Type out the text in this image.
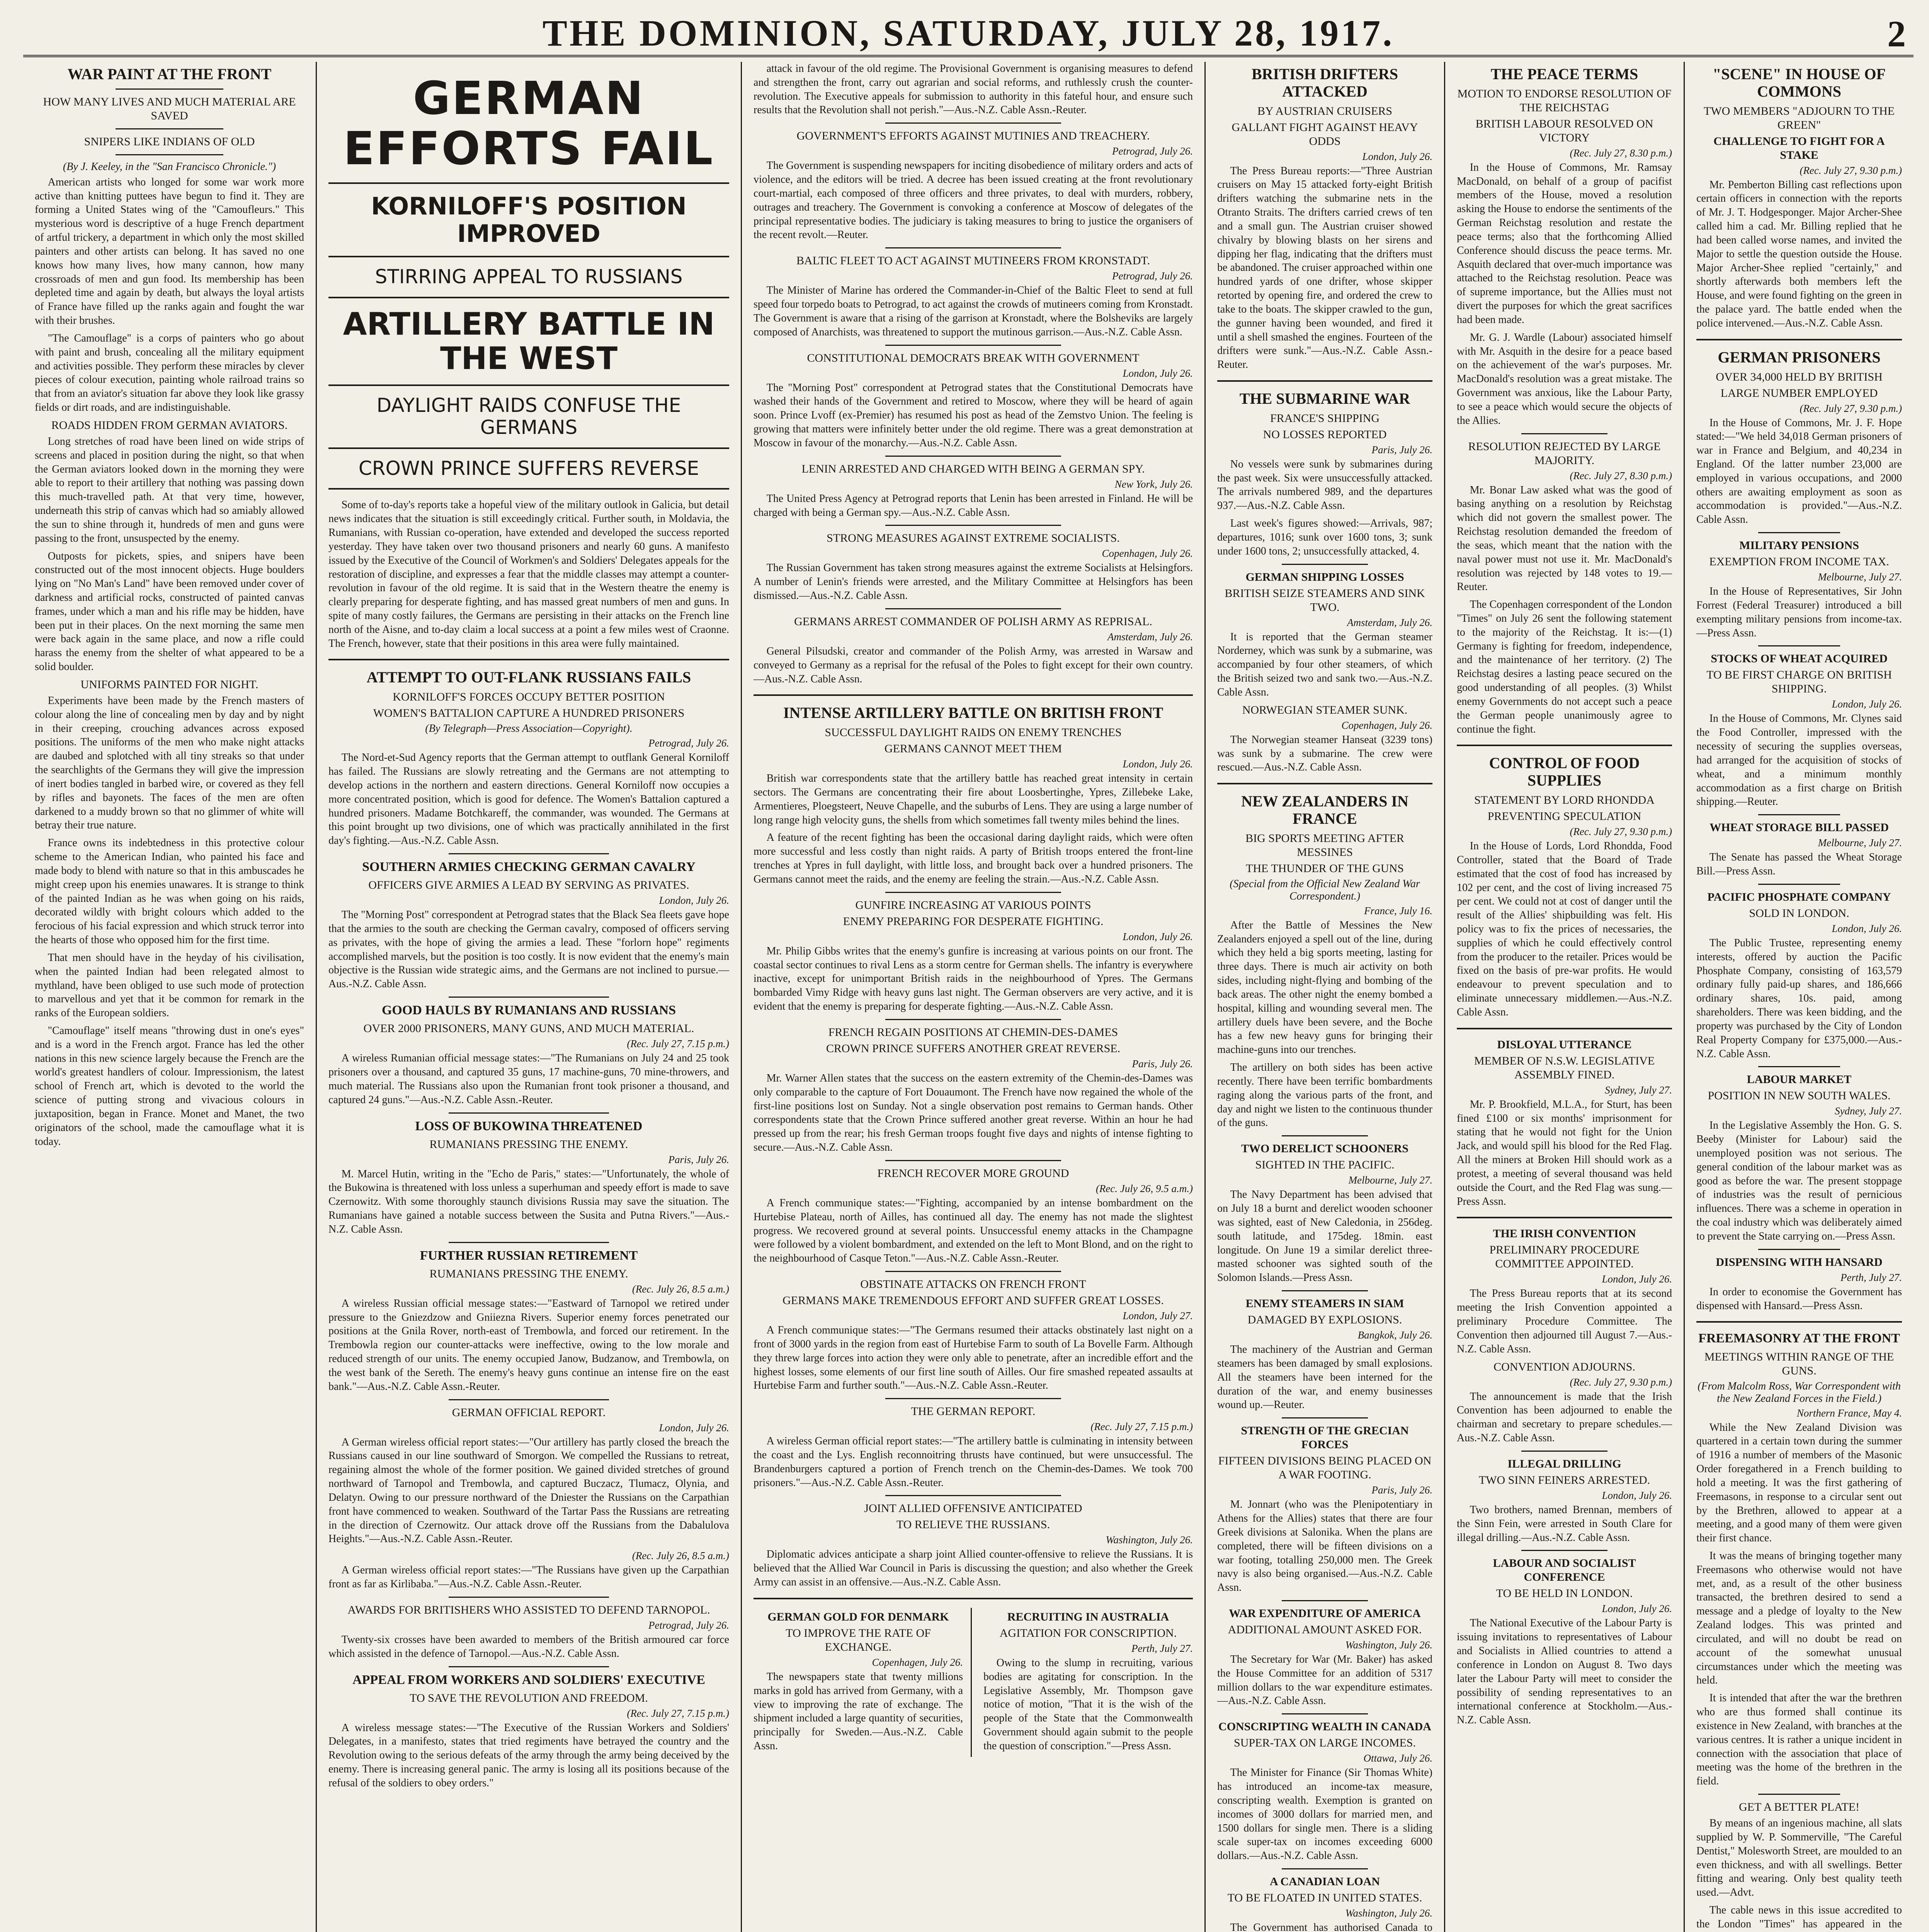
THE DOMINION, SATURDAY, JULY 28, 1917.	2
WAR PAINT AT THE FRONT
HOW MANY LIVES AND MUCH MATERIAL ARE SAVED
SNIPERS LIKE INDIANS OF OLD
(By J. Keeley, in the "San Francisco Chronicle.")

American artists who longed for some war work more active than knitting puttees have begun to find it. They are forming a United States wing of the "Camoufleurs." This mysterious word is descriptive of a huge French department of artful trickery, a department in which only the most skilled painters and other artists can belong. It has saved no one knows how many lives, how many cannon, how many crossroads of men and gun food. Its membership has been depleted time and again by death, but always the loyal artists of France have filled up the ranks again and fought the war with their brushes.

"The Camouflage" is a corps of painters who go about with paint and brush, concealing all the military equipment and activities possible. They perform these miracles by clever pieces of colour execution, painting whole railroad trains so that from an aviator's situation far above they look like grassy fields or dirt roads, and are indistinguishable.

ROADS HIDDEN FROM GERMAN AVIATORS.

Long stretches of road have been lined on wide strips of screens and placed in position during the night, so that when the German aviators looked down in the morning they were able to report to their artillery that nothing was passing down this much-travelled path. At that very time, however, underneath this strip of canvas which had so amiably allowed the sun to shine through it, hundreds of men and guns were passing to the front, unsuspected by the enemy.

Outposts for pickets, spies, and snipers have been constructed out of the most innocent objects. Huge boulders lying on "No Man's Land" have been removed under cover of darkness and artificial rocks, constructed of painted canvas frames, under which a man and his rifle may be hidden, have been put in their places. On the next morning the same men were back again in the same place, and now a rifle could harass the enemy from the shelter of what appeared to be a solid boulder.

UNIFORMS PAINTED FOR NIGHT.

Experiments have been made by the French masters of colour along the line of concealing men by day and by night in their creeping, crouching advances across exposed positions. The uniforms of the men who make night attacks are daubed and splotched with all tiny streaks so that under the searchlights of the Germans they will give the impression of inert bodies tangled in barbed wire, or covered as they fell by rifles and bayonets. The faces of the men are often darkened to a muddy brown so that no glimmer of white will betray their true nature.

France owns its indebtedness in this protective colour scheme to the American Indian, who painted his face and made body to blend with nature so that in this ambuscades he might creep upon his enemies unawares. It is strange to think of the painted Indian as he was when going on his raids, decorated wildly with bright colours which added to the ferocious of his facial expression and which struck terror into the hearts of those who opposed him for the first time.

That men should have in the heyday of his civilisation, when the painted Indian had been relegated almost to mythland, have been obliged to use such mode of protection to marvellous and yet that it be common for remark in the ranks of the European soldiers.

"Camouflage" itself means "throwing dust in one's eyes" and is a word in the French argot. France has led the other nations in this new science largely because the French are the world's greatest handlers of colour. Impressionism, the latest school of French art, which is devoted to the world the science of putting strong and vivacious colours in juxtaposition, began in France. Monet and Manet, the two originators of the school, made the camouflage what it is today.

GERMAN EFFORTS FAIL
KORNILOFF'S POSITION IMPROVED
STIRRING APPEAL TO RUSSIANS
ARTILLERY BATTLE IN THE WEST
DAYLIGHT RAIDS CONFUSE THE GERMANS
CROWN PRINCE SUFFERS REVERSE

Some of to-day's reports take a hopeful view of the military outlook in Galicia, but detail news indicates that the situation is still exceedingly critical. Further south, in Moldavia, the Rumanians, with Russian co-operation, have extended and developed the success reported yesterday. They have taken over two thousand prisoners and nearly 60 guns. A manifesto issued by the Executive of the Council of Workmen's and Soldiers' Delegates appeals for the restoration of discipline, and expresses a fear that the middle classes may attempt a counter-revolution in favour of the old regime. It is said that in the Western theatre the enemy is clearly preparing for desperate fighting, and has massed great numbers of men and guns. In spite of many costly failures, the Germans are persisting in their attacks on the French line north of the Aisne, and to-day claim a local success at a point a few miles west of Craonne. The French, however, state that their positions in this area were fully maintained.

ATTEMPT TO OUT-FLANK RUSSIANS FAILS
KORNILOFF'S FORCES OCCUPY BETTER POSITION
WOMEN'S BATTALION CAPTURE A HUNDRED PRISONERS
(By Telegraph—Press Association—Copyright).
Petrograd, July 26.

The Nord-et-Sud Agency reports that the German attempt to outflank General Korniloff has failed. The Russians are slowly retreating and the Germans are not attempting to develop actions in the northern and eastern directions. General Korniloff now occupies a more concentrated position, which is good for defence. The Women's Battalion captured a hundred prisoners. Madame Botchkareff, the commander, was wounded. The Germans at this point brought up two divisions, one of which was practically annihilated in the first day's fighting.—Aus.-N.Z. Cable Assn.

SOUTHERN ARMIES CHECKING GERMAN CAVALRY
OFFICERS GIVE ARMIES A LEAD BY SERVING AS PRIVATES.
London, July 26.

The "Morning Post" correspondent at Petrograd states that the Black Sea fleets gave hope that the armies to the south are checking the German cavalry, composed of officers serving as privates, with the hope of giving the armies a lead. These "forlorn hope" regiments accomplished marvels, but the position is too costly. It is now evident that the enemy's main objective is the Russian wide strategic aims, and the Germans are not inclined to pursue.—Aus.-N.Z. Cable Assn.

GOOD HAULS BY RUMANIANS AND RUSSIANS
OVER 2000 PRISONERS, MANY GUNS, AND MUCH MATERIAL.
(Rec. July 27, 7.15 p.m.)

A wireless Rumanian official message states:—"The Rumanians on July 24 and 25 took prisoners over a thousand, and captured 35 guns, 17 machine-guns, 70 mine-throwers, and much material. The Russians also upon the Rumanian front took prisoner a thousand, and captured 24 guns."—Aus.-N.Z. Cable Assn.-Reuter.

LOSS OF BUKOWINA THREATENED
RUMANIANS PRESSING THE ENEMY.
Paris, July 26.

M. Marcel Hutin, writing in the "Echo de Paris," states:—"Unfortunately, the whole of the Bukowina is threatened with loss unless a superhuman and speedy effort is made to save Czernowitz. With some thoroughly staunch divisions Russia may save the situation. The Rumanians have gained a notable success between the Susita and Putna Rivers."—Aus.-N.Z. Cable Assn.

FURTHER RUSSIAN RETIREMENT
RUMANIANS PRESSING THE ENEMY.
(Rec. July 26, 8.5 a.m.)

A wireless Russian official message states:—"Eastward of Tarnopol we retired under pressure to the Gniezdzow and Gniiezna Rivers. Superior enemy forces penetrated our positions at the Gnila Rover, north-east of Trembowla, and forced our retirement. In the Trembowla region our counter-attacks were ineffective, owing to the low morale and reduced strength of our units. The enemy occupied Janow, Budzanow, and Trembowla, on the west bank of the Sereth. The enemy's heavy guns continue an intense fire on the east bank."—Aus.-N.Z. Cable Assn.-Reuter.

GERMAN OFFICIAL REPORT.
London, July 26.

A German wireless official report states:—"Our artillery has partly closed the breach the Russians caused in our line southward of Smorgon. We compelled the Russians to retreat, regaining almost the whole of the former position. We gained divided stretches of ground northward of Tarnopol and Trembowla, and captured Buczacz, Tlumacz, Olynia, and Delatyn. Owing to our pressure northward of the Dniester the Russians on the Carpathian front have commenced to weaken. Southward of the Tartar Pass the Russians are retreating in the direction of Czernowitz. Our attack drove off the Russians from the Dabalulova Heights."—Aus.-N.Z. Cable Assn.-Reuter.

(Rec. July 26, 8.5 a.m.)

A German wireless official report states:—"The Russians have given up the Carpathian front as far as Kirlibaba."—Aus.-N.Z. Cable Assn.-Reuter.

AWARDS FOR BRITISHERS WHO ASSISTED TO DEFEND TARNOPOL.
Petrograd, July 26.

Twenty-six crosses have been awarded to members of the British armoured car force which assisted in the defence of Tarnopol.—Aus.-N.Z. Cable Assn.

APPEAL FROM WORKERS AND SOLDIERS' EXECUTIVE
TO SAVE THE REVOLUTION AND FREEDOM.
(Rec. July 27, 7.15 p.m.)

A wireless message states:—"The Executive of the Russian Workers and Soldiers' Delegates, in a manifesto, states that tried regiments have betrayed the country and the Revolution owing to the serious defeats of the army through the army being deceived by the enemy. There is increasing general panic. The army is losing all its positions because of the refusal of the soldiers to obey orders."

attack in favour of the old regime. The Provisional Government is organising measures to defend and strengthen the front, carry out agrarian and social reforms, and ruthlessly crush the counter-revolution. The Executive appeals for submission to authority in this fateful hour, and ensure such results that the Revolution shall not perish."—Aus.-N.Z. Cable Assn.-Reuter.

GOVERNMENT'S EFFORTS AGAINST MUTINIES AND TREACHERY.
Petrograd, July 26.

The Government is suspending newspapers for inciting disobedience of military orders and acts of violence, and the editors will be tried. A decree has been issued creating at the front revolutionary court-martial, each composed of three officers and three privates, to deal with murders, robbery, outrages and treachery. The Government is convoking a conference at Moscow of delegates of the principal representative bodies. The judiciary is taking measures to bring to justice the organisers of the recent revolt.—Reuter.

BALTIC FLEET TO ACT AGAINST MUTINEERS FROM KRONSTADT.
Petrograd, July 26.

The Minister of Marine has ordered the Commander-in-Chief of the Baltic Fleet to send at full speed four torpedo boats to Petrograd, to act against the crowds of mutineers coming from Kronstadt. The Government is aware that a rising of the garrison at Kronstadt, where the Bolsheviks are largely composed of Anarchists, was threatened to support the mutinous garrison.—Aus.-N.Z. Cable Assn.

CONSTITUTIONAL DEMOCRATS BREAK WITH GOVERNMENT
London, July 26.

The "Morning Post" correspondent at Petrograd states that the Constitutional Democrats have washed their hands of the Government and retired to Moscow, where they will be heard of again soon. Prince Lvoff (ex-Premier) has resumed his post as head of the Zemstvo Union. The feeling is growing that matters were infinitely better under the old regime. There was a great demonstration at Moscow in favour of the monarchy.—Aus.-N.Z. Cable Assn.

LENIN ARRESTED AND CHARGED WITH BEING A GERMAN SPY.
New York, July 26.

The United Press Agency at Petrograd reports that Lenin has been arrested in Finland. He will be charged with being a German spy.—Aus.-N.Z. Cable Assn.

STRONG MEASURES AGAINST EXTREME SOCIALISTS.
Copenhagen, July 26.

The Russian Government has taken strong measures against the extreme Socialists at Helsingfors. A number of Lenin's friends were arrested, and the Military Committee at Helsingfors has been dismissed.—Aus.-N.Z. Cable Assn.

GERMANS ARREST COMMANDER OF POLISH ARMY AS REPRISAL.
Amsterdam, July 26.

General Pilsudski, creator and commander of the Polish Army, was arrested in Warsaw and conveyed to Germany as a reprisal for the refusal of the Poles to fight except for their own country.—Aus.-N.Z. Cable Assn.

INTENSE ARTILLERY BATTLE ON BRITISH FRONT
SUCCESSFUL DAYLIGHT RAIDS ON ENEMY TRENCHES
GERMANS CANNOT MEET THEM
London, July 26.

British war correspondents state that the artillery battle has reached great intensity in certain sectors. The Germans are concentrating their fire about Loosbertinghe, Ypres, Zillebeke Lake, Armentieres, Ploegsteert, Neuve Chapelle, and the suburbs of Lens. They are using a large number of long range high velocity guns, the shells from which sometimes fall twenty miles behind the lines.

A feature of the recent fighting has been the occasional daring daylight raids, which were often more successful and less costly than night raids. A party of British troops entered the front-line trenches at Ypres in full daylight, with little loss, and brought back over a hundred prisoners. The Germans cannot meet the raids, and the enemy are feeling the strain.—Aus.-N.Z. Cable Assn.

GUNFIRE INCREASING AT VARIOUS POINTS
ENEMY PREPARING FOR DESPERATE FIGHTING.
London, July 26.

Mr. Philip Gibbs writes that the enemy's gunfire is increasing at various points on our front. The coastal sector continues to rival Lens as a storm centre for German shells. The infantry is everywhere inactive, except for unimportant British raids in the neighbourhood of Ypres. The Germans bombarded Vimy Ridge with heavy guns last night. The German observers are very active, and it is evident that the enemy is preparing for desperate fighting.—Aus.-N.Z. Cable Assn.

FRENCH REGAIN POSITIONS AT CHEMIN-DES-DAMES
CROWN PRINCE SUFFERS ANOTHER GREAT REVERSE.
Paris, July 26.

Mr. Warner Allen states that the success on the eastern extremity of the Chemin-des-Dames was only comparable to the capture of Fort Douaumont. The French have now regained the whole of the first-line positions lost on Sunday. Not a single observation post remains to German hands. Other correspondents state that the Crown Prince suffered another great reverse. Within an hour he had pressed up from the rear; his fresh German troops fought five days and nights of intense fighting to secure.—Aus.-N.Z. Cable Assn.

FRENCH RECOVER MORE GROUND
(Rec. July 26, 9.5 a.m.)

A French communique states:—"Fighting, accompanied by an intense bombardment on the Hurtebise Plateau, north of Ailles, has continued all day. The enemy has not made the slightest progress. We recovered ground at several points. Unsuccessful enemy attacks in the Champagne were followed by a violent bombardment, and extended on the left to Mont Blond, and on the right to the neighbourhood of Casque Teton."—Aus.-N.Z. Cable Assn.-Reuter.

OBSTINATE ATTACKS ON FRENCH FRONT
GERMANS MAKE TREMENDOUS EFFORT AND SUFFER GREAT LOSSES.
London, July 27.

A French communique states:—"The Germans resumed their attacks obstinately last night on a front of 3000 yards in the region from east of Hurtebise Farm to south of La Bovelle Farm. Although they threw large forces into action they were only able to penetrate, after an incredible effort and the highest losses, some elements of our first line south of Ailles. Our fire smashed repeated assaults at Hurtebise Farm and further south."—Aus.-N.Z. Cable Assn.-Reuter.

THE GERMAN REPORT.
(Rec. July 27, 7.15 p.m.)

A wireless German official report states:—"The artillery battle is culminating in intensity between the coast and the Lys. English reconnoitring thrusts have continued, but were unsuccessful. The Brandenburgers captured a portion of French trench on the Chemin-des-Dames. We took 700 prisoners."—Aus.-N.Z. Cable Assn.-Reuter.

JOINT ALLIED OFFENSIVE ANTICIPATED
TO RELIEVE THE RUSSIANS.
Washington, July 26.

Diplomatic advices anticipate a sharp joint Allied counter-offensive to relieve the Russians. It is believed that the Allied War Council in Paris is discussing the question; and also whether the Greek Army can assist in an offensive.—Aus.-N.Z. Cable Assn.

GERMAN GOLD FOR DENMARK
TO IMPROVE THE RATE OF EXCHANGE.
Copenhagen, July 26.

The newspapers state that twenty millions marks in gold has arrived from Germany, with a view to improving the rate of exchange. The shipment included a large quantity of securities, principally for Sweden.—Aus.-N.Z. Cable Assn.

RECRUITING IN AUSTRALIA
AGITATION FOR CONSCRIPTION.
Perth, July 27.

Owing to the slump in recruiting, various bodies are agitating for conscription. In the Legislative Assembly, Mr. Thompson gave notice of motion, "That it is the wish of the people of the State that the Commonwealth Government should again submit to the people the question of conscription."—Press Assn.

BRITISH DRIFTERS ATTACKED
BY AUSTRIAN CRUISERS
GALLANT FIGHT AGAINST HEAVY ODDS
London, July 26.

The Press Bureau reports:—"Three Austrian cruisers on May 15 attacked forty-eight British drifters watching the submarine nets in the Otranto Straits. The drifters carried crews of ten and a small gun. The Austrian cruiser showed chivalry by blowing blasts on her sirens and dipping her flag, indicating that the drifters must be abandoned. The cruiser approached within one hundred yards of one drifter, whose skipper retorted by opening fire, and ordered the crew to take to the boats. The skipper crawled to the gun, the gunner having been wounded, and fired it until a shell smashed the engines. Fourteen of the drifters were sunk."—Aus.-N.Z. Cable Assn.-Reuter.

THE SUBMARINE WAR
FRANCE'S SHIPPING
NO LOSSES REPORTED
Paris, July 26.

No vessels were sunk by submarines during the past week. Six were unsuccessfully attacked. The arrivals numbered 989, and the departures 937.—Aus.-N.Z. Cable Assn.

Last week's figures showed:—Arrivals, 987; departures, 1016; sunk over 1600 tons, 3; sunk under 1600 tons, 2; unsuccessfully attacked, 4.

GERMAN SHIPPING LOSSES
BRITISH SEIZE STEAMERS AND SINK TWO.
Amsterdam, July 26.

It is reported that the German steamer Norderney, which was sunk by a submarine, was accompanied by four other steamers, of which the British seized two and sank two.—Aus.-N.Z. Cable Assn.

NORWEGIAN STEAMER SUNK.
Copenhagen, July 26.

The Norwegian steamer Hanseat (3239 tons) was sunk by a submarine. The crew were rescued.—Aus.-N.Z. Cable Assn.

NEW ZEALANDERS IN FRANCE
BIG SPORTS MEETING AFTER MESSINES
THE THUNDER OF THE GUNS
(Special from the Official New Zealand War Correspondent.)
France, July 16.

After the Battle of Messines the New Zealanders enjoyed a spell out of the line, during which they held a big sports meeting, lasting for three days. There is much air activity on both sides, including night-flying and bombing of the back areas. The other night the enemy bombed a hospital, killing and wounding several men. The artillery duels have been severe, and the Boche has a few new heavy guns for bringing their machine-guns into our trenches.

The artillery on both sides has been active recently. There have been terrific bombardments raging along the various parts of the front, and day and night we listen to the continuous thunder of the guns.

TWO DERELICT SCHOONERS
SIGHTED IN THE PACIFIC.
Melbourne, July 27.

The Navy Department has been advised that on July 18 a burnt and derelict wooden schooner was sighted, east of New Caledonia, in 256deg. south latitude, and 175deg. 18min. east longitude. On June 19 a similar derelict three-masted schooner was sighted south of the Solomon Islands.—Press Assn.

ENEMY STEAMERS IN SIAM
DAMAGED BY EXPLOSIONS.
Bangkok, July 26.

The machinery of the Austrian and German steamers has been damaged by small explosions. All the steamers have been interned for the duration of the war, and enemy businesses wound up.—Reuter.

STRENGTH OF THE GRECIAN FORCES
FIFTEEN DIVISIONS BEING PLACED ON A WAR FOOTING.
Paris, July 26.

M. Jonnart (who was the Plenipotentiary in Athens for the Allies) states that there are four Greek divisions at Salonika. When the plans are completed, there will be fifteen divisions on a war footing, totalling 250,000 men. The Greek navy is also being organised.—Aus.-N.Z. Cable Assn.

WAR EXPENDITURE OF AMERICA
ADDITIONAL AMOUNT ASKED FOR.
Washington, July 26.

The Secretary for War (Mr. Baker) has asked the House Committee for an addition of 5317 million dollars to the war expenditure estimates.—Aus.-N.Z. Cable Assn.

CONSCRIPTING WEALTH IN CANADA
SUPER-TAX ON LARGE INCOMES.
Ottawa, July 26.

The Minister for Finance (Sir Thomas White) has introduced an income-tax measure, conscripting wealth. Exemption is granted on incomes of 3000 dollars for married men, and 1500 dollars for single men. There is a sliding scale super-tax on incomes exceeding 6000 dollars.—Aus.-N.Z. Cable Assn.

A CANADIAN LOAN
TO BE FLOATED IN UNITED STATES.
Washington, July 26.

The Government has authorised Canada to

THE PEACE TERMS
MOTION TO ENDORSE RESOLUTION OF THE REICHSTAG
BRITISH LABOUR RESOLVED ON VICTORY
(Rec. July 27, 8.30 p.m.)

In the House of Commons, Mr. Ramsay MacDonald, on behalf of a group of pacifist members of the House, moved a resolution asking the House to endorse the sentiments of the German Reichstag resolution and restate the peace terms; also that the forthcoming Allied Conference should discuss the peace terms. Mr. Asquith declared that over-much importance was attached to the Reichstag resolution. Peace was of supreme importance, but the Allies must not divert the purposes for which the great sacrifices had been made.

Mr. G. J. Wardle (Labour) associated himself with Mr. Asquith in the desire for a peace based on the achievement of the war's purposes. Mr. MacDonald's resolution was a great mistake. The Government was anxious, like the Labour Party, to see a peace which would secure the objects of the Allies.

RESOLUTION REJECTED BY LARGE MAJORITY.
(Rec. July 27, 8.30 p.m.)

Mr. Bonar Law asked what was the good of basing anything on a resolution by Reichstag which did not govern the smallest power. The Reichstag resolution demanded the freedom of the seas, which meant that the nation with the naval power must not use it. Mr. MacDonald's resolution was rejected by 148 votes to 19.—Reuter.

The Copenhagen correspondent of the London "Times" on July 26 sent the following statement to the majority of the Reichstag. It is:—(1) Germany is fighting for freedom, independence, and the maintenance of her territory. (2) The Reichstag desires a lasting peace secured on the good understanding of all peoples. (3) Whilst enemy Governments do not accept such a peace the German people unanimously agree to continue the fight.

CONTROL OF FOOD SUPPLIES
STATEMENT BY LORD RHONDDA
PREVENTING SPECULATION
(Rec. July 27, 9.30 p.m.)

In the House of Lords, Lord Rhondda, Food Controller, stated that the Board of Trade estimated that the cost of food has increased by 102 per cent, and the cost of living increased 75 per cent. We could not at cost of danger until the result of the Allies' shipbuilding was felt. His policy was to fix the prices of necessaries, the supplies of which he could effectively control from the producer to the retailer. Prices would be fixed on the basis of pre-war profits. He would endeavour to prevent speculation and to eliminate unnecessary middlemen.—Aus.-N.Z. Cable Assn.

DISLOYAL UTTERANCE
MEMBER OF N.S.W. LEGISLATIVE ASSEMBLY FINED.
Sydney, July 27.

Mr. P. Brookfield, M.L.A., for Sturt, has been fined £100 or six months' imprisonment for stating that he would not fight for the Union Jack, and would spill his blood for the Red Flag. All the miners at Broken Hill should work as a protest, a meeting of several thousand was held outside the Court, and the Red Flag was sung.—Press Assn.

THE IRISH CONVENTION
PRELIMINARY PROCEDURE COMMITTEE APPOINTED.
London, July 26.

The Press Bureau reports that at its second meeting the Irish Convention appointed a preliminary Procedure Committee. The Convention then adjourned till August 7.—Aus.-N.Z. Cable Assn.

CONVENTION ADJOURNS.
(Rec. July 27, 9.30 p.m.)

The announcement is made that the Irish Convention has been adjourned to enable the chairman and secretary to prepare schedules.—Aus.-N.Z. Cable Assn.

ILLEGAL DRILLING
TWO SINN FEINERS ARRESTED.
London, July 26.

Two brothers, named Brennan, members of the Sinn Fein, were arrested in South Clare for illegal drilling.—Aus.-N.Z. Cable Assn.

LABOUR AND SOCIALIST CONFERENCE
TO BE HELD IN LONDON.
London, July 26.

The National Executive of the Labour Party is issuing invitations to representatives of Labour and Socialists in Allied countries to attend a conference in London on August 8. Two days later the Labour Party will meet to consider the possibility of sending representatives to an international conference at Stockholm.—Aus.-N.Z. Cable Assn.

"SCENE" IN HOUSE OF COMMONS
TWO MEMBERS "ADJOURN TO THE GREEN"
CHALLENGE TO FIGHT FOR A STAKE
(Rec. July 27, 9.30 p.m.)

Mr. Pemberton Billing cast reflections upon certain officers in connection with the reports of Mr. J. T. Hodgesponger. Major Archer-Shee called him a cad. Mr. Billing replied that he had been called worse names, and invited the Major to settle the question outside the House. Major Archer-Shee replied "certainly," and shortly afterwards both members left the House, and were found fighting on the green in the palace yard. The battle ended when the police intervened.—Aus.-N.Z. Cable Assn.

GERMAN PRISONERS
OVER 34,000 HELD BY BRITISH
LARGE NUMBER EMPLOYED
(Rec. July 27, 9.30 p.m.)

In the House of Commons, Mr. J. F. Hope stated:—"We held 34,018 German prisoners of war in France and Belgium, and 40,234 in England. Of the latter number 23,000 are employed in various occupations, and 2000 others are awaiting employment as soon as accommodation is provided."—Aus.-N.Z. Cable Assn.

MILITARY PENSIONS
EXEMPTION FROM INCOME TAX.
Melbourne, July 27.

In the House of Representatives, Sir John Forrest (Federal Treasurer) introduced a bill exempting military pensions from income-tax.—Press Assn.

STOCKS OF WHEAT ACQUIRED
TO BE FIRST CHARGE ON BRITISH SHIPPING.
London, July 26.

In the House of Commons, Mr. Clynes said the Food Controller, impressed with the necessity of securing the supplies overseas, had arranged for the acquisition of stocks of wheat, and a minimum monthly accommodation as a first charge on British shipping.—Reuter.

WHEAT STORAGE BILL PASSED
Melbourne, July 27.

The Senate has passed the Wheat Storage Bill.—Press Assn.

PACIFIC PHOSPHATE COMPANY
SOLD IN LONDON.
London, July 26.

The Public Trustee, representing enemy interests, offered by auction the Pacific Phosphate Company, consisting of 163,579 ordinary fully paid-up shares, and 186,666 ordinary shares, 10s. paid, among shareholders. There was keen bidding, and the property was purchased by the City of London Real Property Company for £375,000.—Aus.-N.Z. Cable Assn.

LABOUR MARKET
POSITION IN NEW SOUTH WALES.
Sydney, July 27.

In the Legislative Assembly the Hon. G. S. Beeby (Minister for Labour) said the unemployed position was not serious. The general condition of the labour market was as good as before the war. The present stoppage of industries was the result of pernicious influences. There was a scheme in operation in the coal industry which was deliberately aimed to prevent the State carrying on.—Press Assn.

DISPENSING WITH HANSARD
Perth, July 27.

In order to economise the Government has dispensed with Hansard.—Press Assn.

FREEMASONRY AT THE FRONT
MEETINGS WITHIN RANGE OF THE GUNS.
(From Malcolm Ross, War Correspondent with the New Zealand Forces in the Field.)
Northern France, May 4.

While the New Zealand Division was quartered in a certain town during the summer of 1916 a number of members of the Masonic Order foregathered in a French building to hold a meeting. It was the first gathering of Freemasons, in response to a circular sent out by the Brethren, allowed to appear at a meeting, and a good many of them were given their first chance.

It was the means of bringing together many Freemasons who otherwise would not have met, and, as a result of the other business transacted, the brethren desired to send a message and a pledge of loyalty to the New Zealand lodges. This was printed and circulated, and will no doubt be read on account of the somewhat unusual circumstances under which the meeting was held.

It is intended that after the war the brethren who are thus formed shall continue its existence in New Zealand, with branches at the various centres. It is rather a unique incident in connection with the association that place of meeting was the home of the brethren in the field.

GET A BETTER PLATE!

By means of an ingenious machine, all slats supplied by W. P. Sommerville, "The Careful Dentist," Molesworth Street, are moulded to an even thickness, and with all swellings. Better fitting and wearing. Only best quality teeth used.—Advt.

The cable news in this issue accredited to the London "Times" has appeared in the
